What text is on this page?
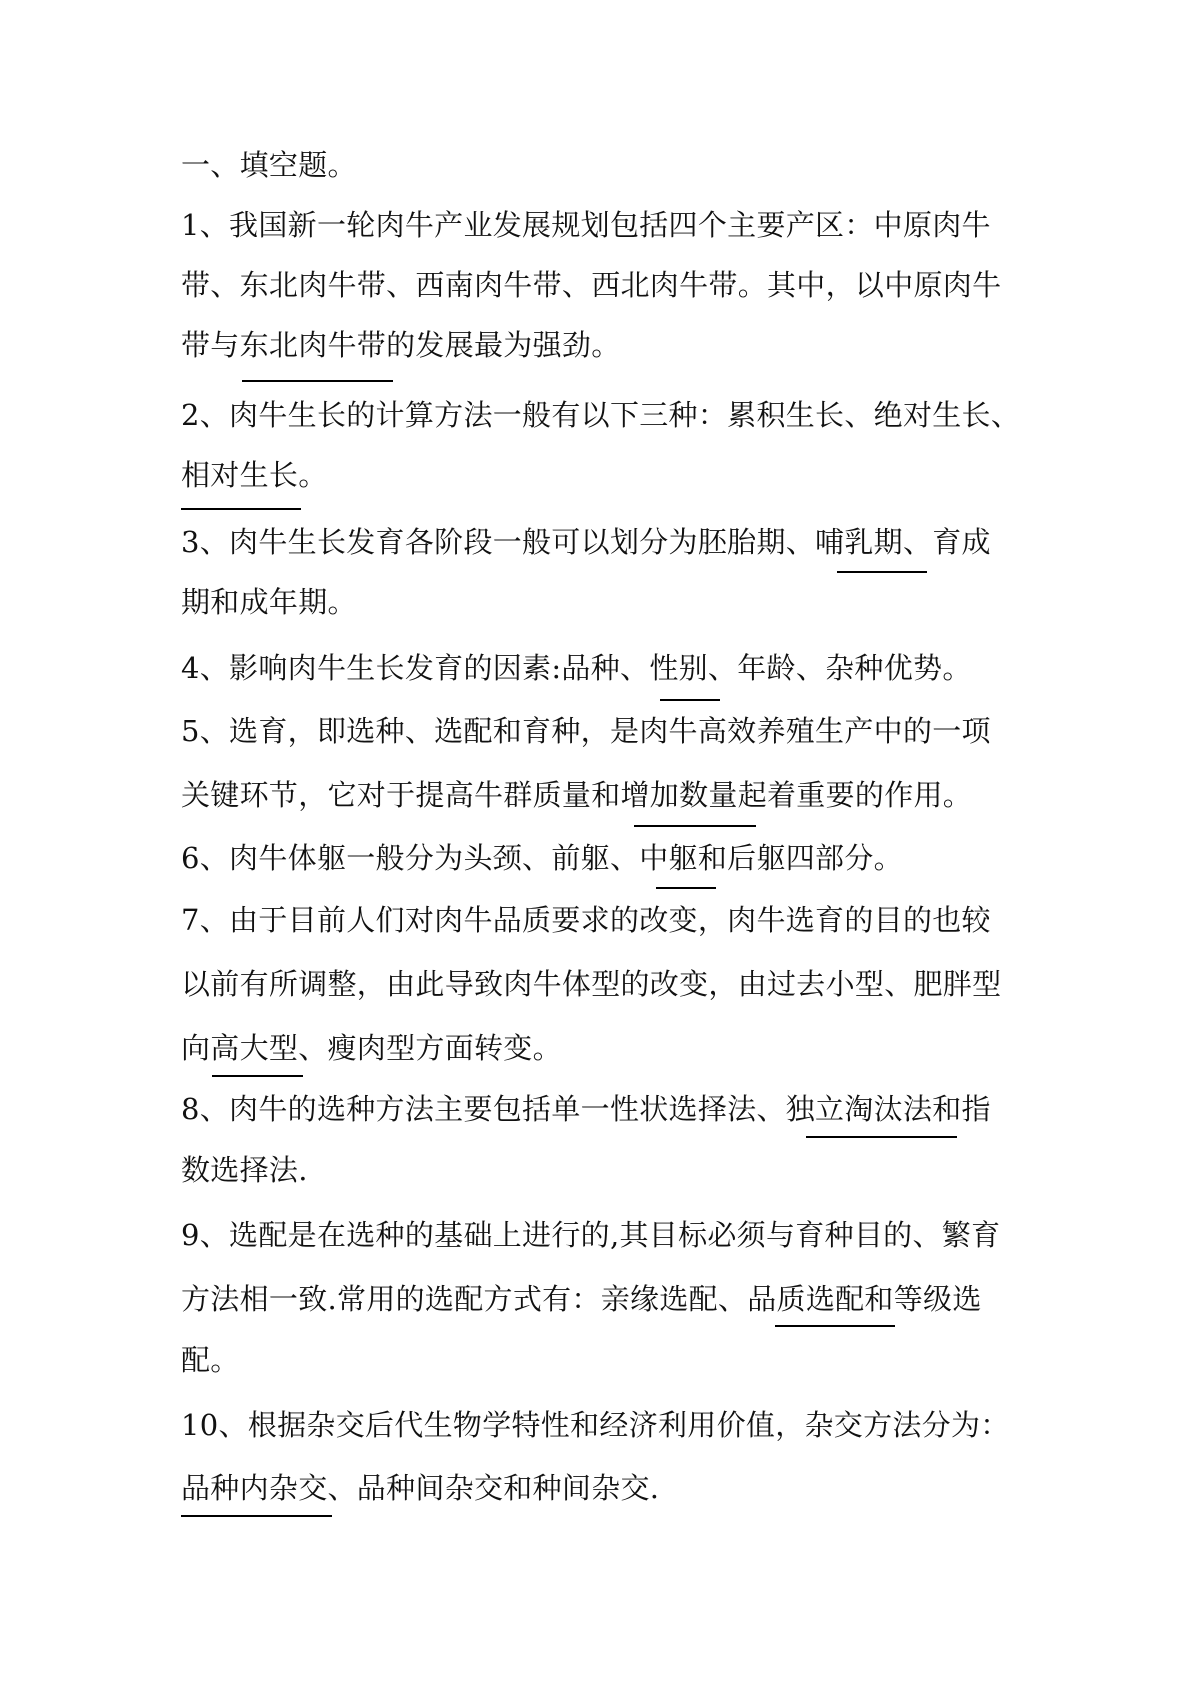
一、填空题。
1、我国新一轮肉牛产业发展规划包括四个主要产区：中原肉牛
带、东北肉牛带、西南肉牛带、西北肉牛带。其中，以中原肉牛
带与东北肉牛带的发展最为强劲。
2、肉牛生长的计算方法一般有以下三种：累积生长、绝对生长、
相对生长。
3、肉牛生长发育各阶段一般可以划分为胚胎期、哺乳期、育成
期和成年期。
4、影响肉牛生长发育的因素:品种、性别、年龄、杂种优势。
5、选育，即选种、选配和育种，是肉牛高效养殖生产中的一项
关键环节，它对于提高牛群质量和增加数量起着重要的作用。
6、肉牛体躯一般分为头颈、前躯、中躯和后躯四部分。
7、由于目前人们对肉牛品质要求的改变，肉牛选育的目的也较
以前有所调整，由此导致肉牛体型的改变，由过去小型、肥胖型
向高大型、瘦肉型方面转变。
8、肉牛的选种方法主要包括单一性状选择法、独立淘汰法和指
数选择法.
9、选配是在选种的基础上进行的,其目标必须与育种目的、繁育
方法相一致.常用的选配方式有：亲缘选配、品质选配和等级选
配。
10、根据杂交后代生物学特性和经济利用价值，杂交方法分为：
品种内杂交、品种间杂交和种间杂交.
